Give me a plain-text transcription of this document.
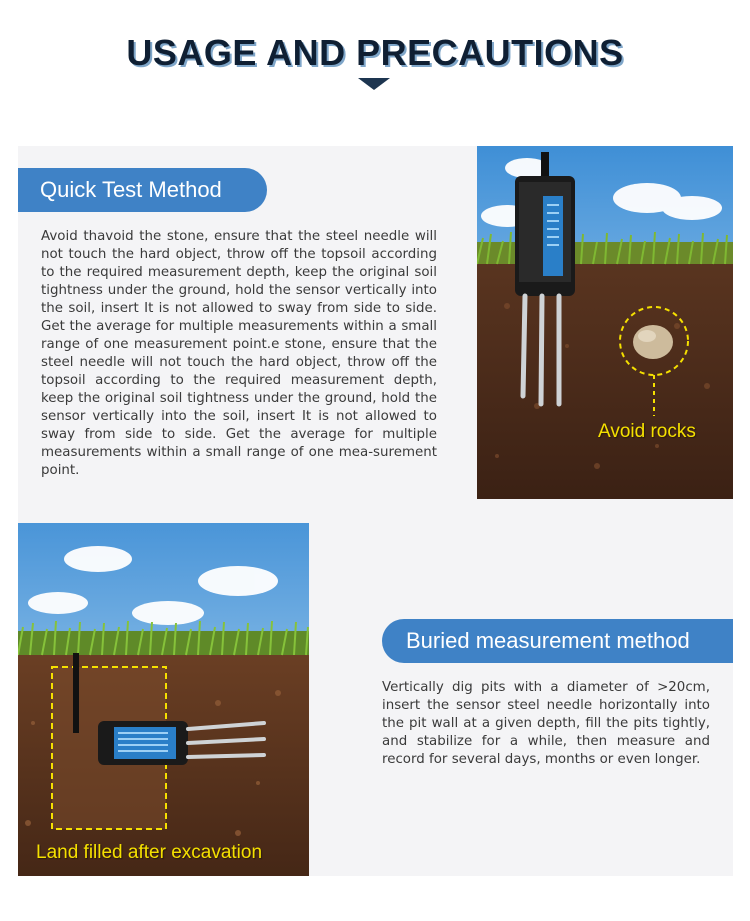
USAGE AND PRECAUTIONS
Quick Test Method
Avoid thavoid the stone, ensure that the steel needle will not touch the hard object, throw off the topsoil according to the required measurement depth, keep the original soil tightness under the ground, hold the sensor vertically into the soil, insert It is not allowed to sway from side to side. Get the average for multiple measurements within a small range of one measurement point.e stone, ensure that the steel needle will not touch the hard object, throw off the topsoil according to the required measurement depth, keep the original soil tightness under the ground, hold the sensor vertically into the soil, insert It is not allowed to sway from side to side. Get the average for multiple measurements within a small range of one mea-surement point.
Avoid rocks
Land filled after excavation
Buried measurement method
Vertically dig pits with a diameter of >20cm, insert the sensor steel needle horizontally into the pit wall at a given depth, fill the pits tightly, and stabilize for a while, then measure and record for several days, months or even longer.
